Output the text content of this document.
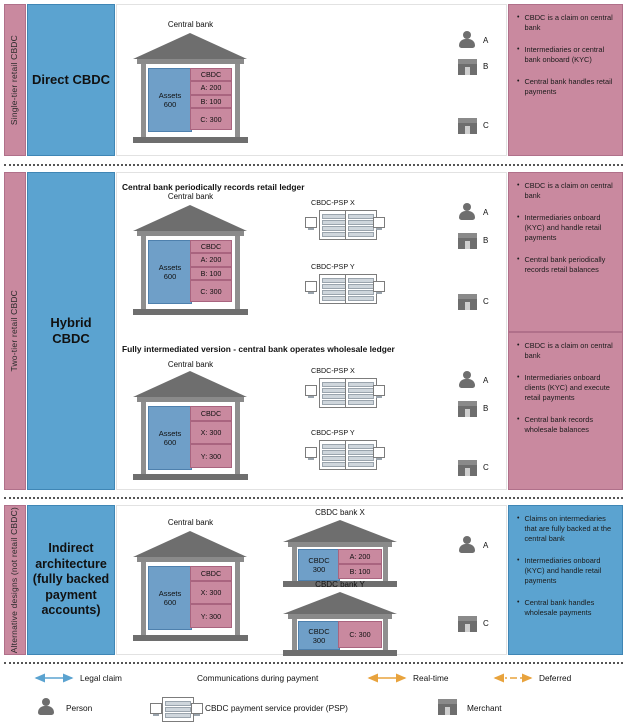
Single-tier retail CBDC Direct CBDC
Central bank
Assets
600
CBDC
A: 200
B: 100
C: 300
A
B
C
• CBDC is a claim on central bank
• Intermediaries or central bank onboard (KYC)
• Central bank handles retail payments
Two-tier retail CBDC	Hybrid CBDC
Central bank periodically records retail ledger
Central bank
Assets
600
CBDC
A: 200
B: 100
C: 300
CBDC-PSP X
CBDC-PSP Y
A
B
C
Fully intermediated version - central bank operates wholesale ledger
Central bank
Assets
600
CBDC
X: 300
Y: 300
CBDC-PSP X
CBDC-PSP Y
A
B
C
• CBDC is a claim on central bank
• Intermediaries onboard (KYC) and handle retail payments
• Central bank periodically records retail balances
• CBDC is a claim on central bank
• Intermediaries onboard clients (KYC) and execute retail payments
• Central bank records wholesale balances
Alternative designs (not retail CBDC)	Indirect architecture (fully backed payment accounts)
Central bank
Assets
600
CBDC
X: 300
Y: 300
CBDC bank X
CBDC
300
A: 200
B: 100
CBDC bank Y
CBDC
300
C: 300
A
C
• Claims on intermediaries that are fully backed at the central bank
• Intermediaries onboard (KYC) and handle retail payments
• Central bank handles wholesale payments
Legal claim	Communications during payment	Real-time	Deferred
Person	CBDC payment service provider (PSP)	Merchant
